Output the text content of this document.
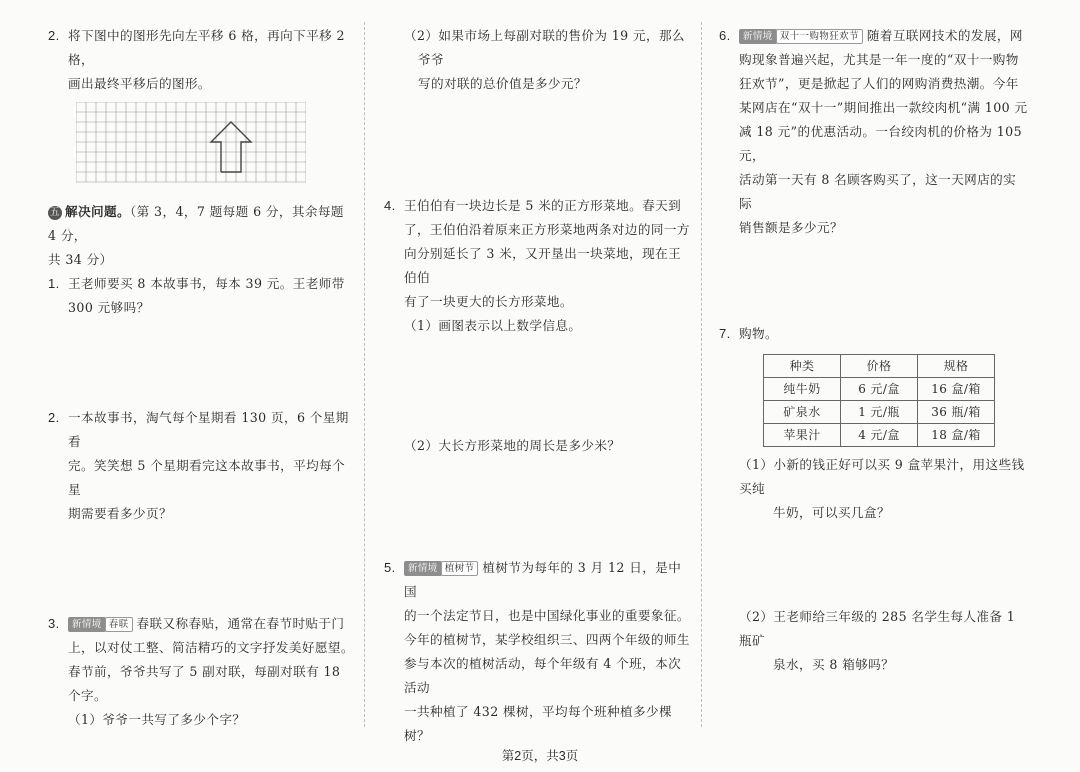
2. 将下图中的图形先向左平移 6 格，再向下平移 2 格，

画出最终平移后的图形。

五 解决问题。（第 3，4，7 题每题 6 分，其余每题 4 分，

共 34 分）

1. 王老师要买 8 本故事书，每本 39 元。王老师带

300 元够吗？

2. 一本故事书，淘气每个星期看 130 页，6 个星期看

完。笑笑想 5 个星期看完这本故事书，平均每个星

期需要看多少页？

3.	新情境 春联 春联又称春贴，通常在春节时贴于门

上，以对仗工整、简洁精巧的文字抒发美好愿望。

春节前，爷爷共写了 5 副对联，每副对联有 18 个字。

（1）爷爷一共写了多少个字？

（2）如果市场上每副对联的售价为 19 元，那么爷爷

写的对联的总价值是多少元？

4. 王伯伯有一块边长是 5 米的正方形菜地。春天到

了，王伯伯沿着原来正方形菜地两条对边的同一方

向分别延长了 3 米，又开垦出一块菜地，现在王伯伯

有了一块更大的长方形菜地。

（1）画图表示以上数学信息。

（2）大长方形菜地的周长是多少米？

5.	新情境 植树节 植树节为每年的 3 月 12 日，是中国

的一个法定节日，也是中国绿化事业的重要象征。

今年的植树节，某学校组织三、四两个年级的师生

参与本次的植树活动，每个年级有 4 个班，本次活动

一共种植了 432 棵树，平均每个班种植多少棵树？

6.	新情境 双十一购物狂欢节 随着互联网技术的发展，网

购现象普遍兴起，尤其是一年一度的“双十一购物

狂欢节”，更是掀起了人们的网购消费热潮。今年

某网店在“双十一”期间推出一款绞肉机“满 100 元

减 18 元”的优惠活动。一台绞肉机的价格为 105 元，

活动第一天有 8 名顾客购买了，这一天网店的实际

销售额是多少元？

7. 购物。

种类	价格	规格
纯牛奶	6 元/盒	16 盒/箱
矿泉水	1 元/瓶	36 瓶/箱
苹果汁	4 元/盒	18 盒/箱

（1）小新的钱正好可以买 9 盒苹果汁，用这些钱买纯

牛奶，可以买几盒？

（2）王老师给三年级的 285 名学生每人准备 1 瓶矿

泉水，买 8 箱够吗？

第2页，共3页
